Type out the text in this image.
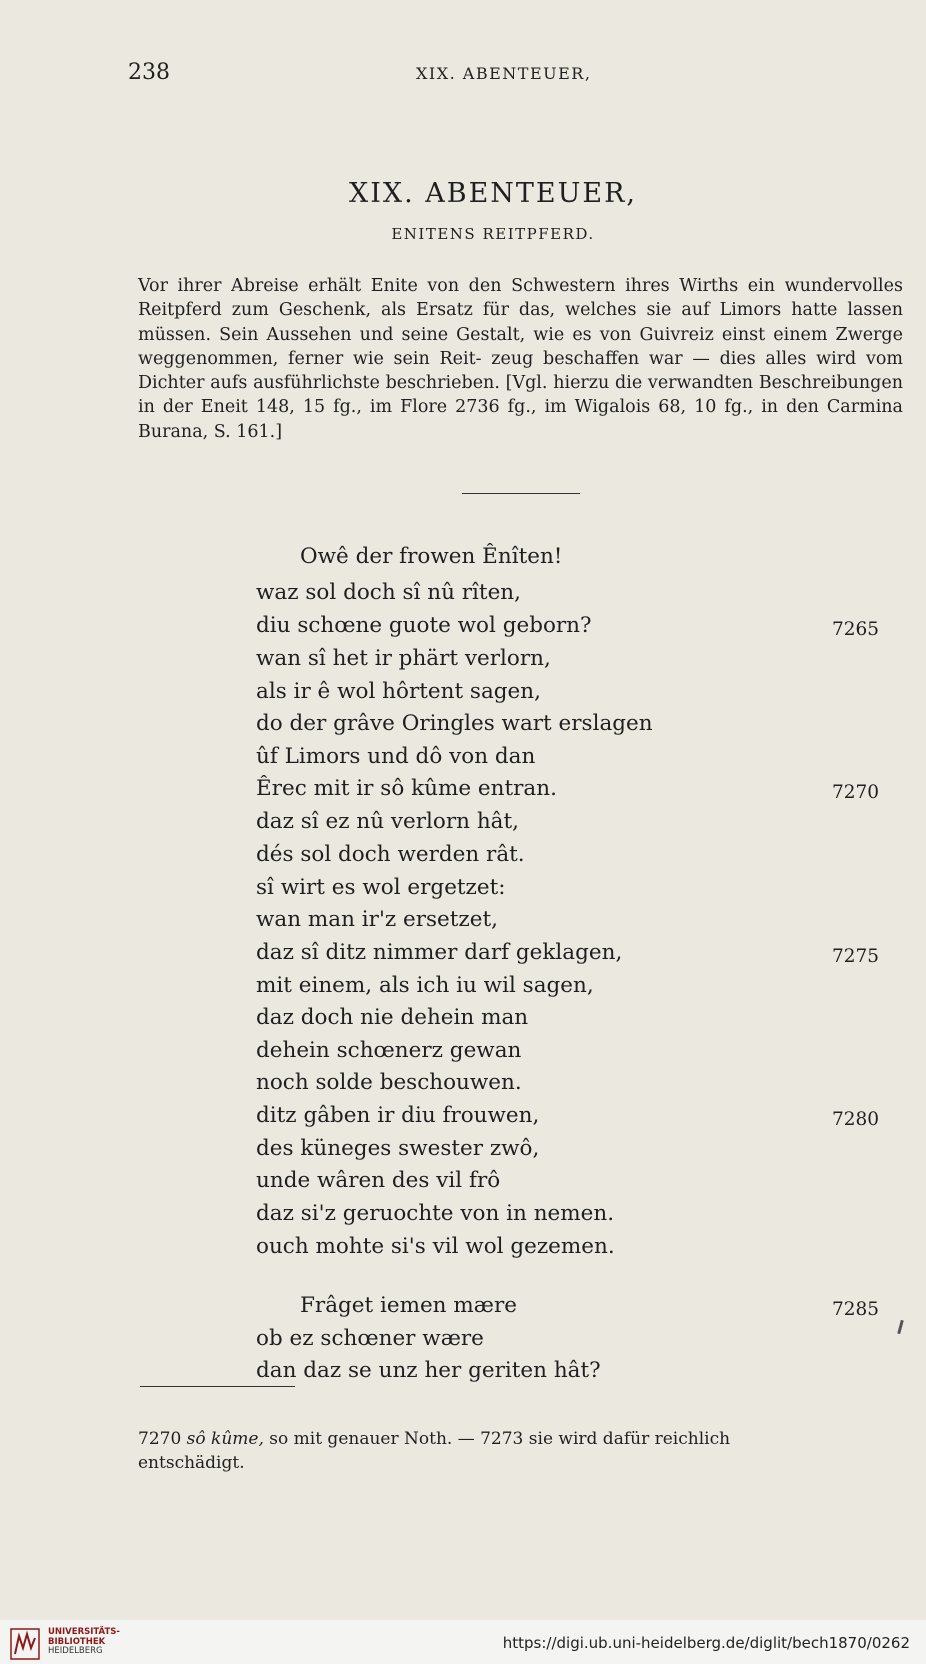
238	XIX. ABENTEUER,
XIX. ABENTEUER,
ENITENS REITPFERD.

Vor ihrer Abreise erhält Enite von den Schwestern ihres Wirths ein wundervolles Reitpferd zum Geschenk, als Ersatz für das, welches sie auf Limors hatte lassen müssen. Sein Aussehen und seine Gestalt, wie es von Guivreiz einst einem Zwerge weggenommen, ferner wie sein Reit- zeug beschaffen war — dies alles wird vom Dichter aufs ausführlichste beschrieben. [Vgl. hierzu die verwandten Beschreibungen in der Eneit 148, 15 fg., im Flore 2736 fg., im Wigalois 68, 10 fg., in den Carmina Burana, S. 161.]

Owê der frowen Ênîten!
waz sol doch sî nû rîten,
diu schœne guote wol geborn?
wan sî het ir phärt verlorn,
als ir ê wol hôrtent sagen,
do der grâve Oringles wart erslagen
ûf Limors und dô von dan
Êrec mit ir sô kûme entran.
daz sî ez nû verlorn hât,
dés sol doch werden rât.
sî wirt es wol ergetzet:
wan man ir'z ersetzet,
daz sî ditz nimmer darf geklagen,
mit einem, als ich iu wil sagen,
daz doch nie dehein man
dehein schœnerz gewan
noch solde beschouwen.
ditz gâben ir diu frouwen,
des küneges swester zwô,
unde wâren des vil frô
daz si'z geruochte von in nemen.
ouch mohte si's vil wol gezemen.
Frâget iemen mære
ob ez schœner wære
dan daz se unz her geriten hât?
7265
7270
7275
7280
7285

7270 sô kûme, so mit genauer Noth. — 7273 sie wird dafür reichlich
entschädigt.

UNIVERSITÄTS-
BIBLIOTHEK
HEIDELBERG	https://digi.ub.uni-heidelberg.de/diglit/bech1870/0262
